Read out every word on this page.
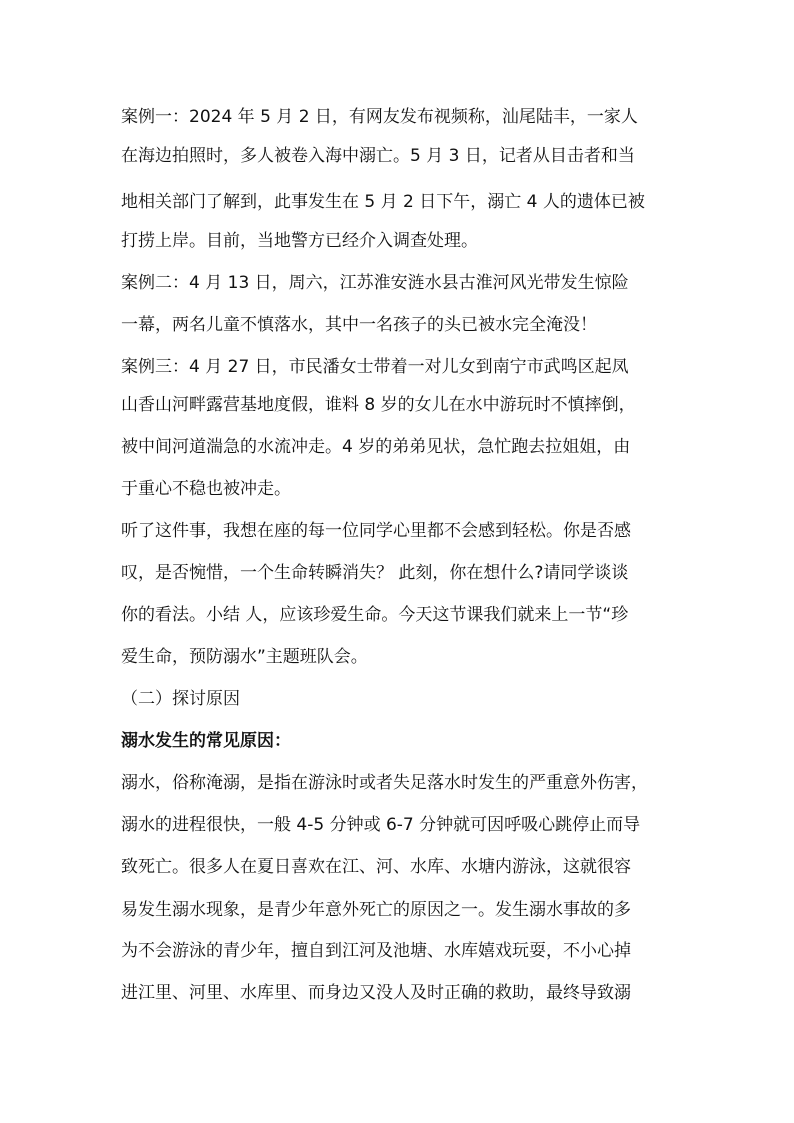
案例一：2024 年 5 月 2 日，有网友发布视频称，汕尾陆丰，一家人
在海边拍照时，多人被卷入海中溺亡。5 月 3 日，记者从目击者和当
地相关部门了解到，此事发生在 5 月 2 日下午，溺亡 4 人的遗体已被
打捞上岸。目前，当地警方已经介入调查处理。
案例二：4 月 13 日，周六，江苏淮安涟水县古淮河风光带发生惊险
一幕，两名儿童不慎落水，其中一名孩子的头已被水完全淹没！
案例三：4 月 27 日，市民潘女士带着一对儿女到南宁市武鸣区起凤
山香山河畔露营基地度假，谁料 8 岁的女儿在水中游玩时不慎摔倒，
被中间河道湍急的水流冲走。4 岁的弟弟见状，急忙跑去拉姐姐，由
于重心不稳也被冲走。
听了这件事，我想在座的每一位同学心里都不会感到轻松。你是否感
叹，是否惋惜，一个生命转瞬消失？ 此刻，你在想什么?请同学谈谈
你的看法。小结 人，应该珍爱生命。今天这节课我们就来上一节“珍
爱生命，预防溺水”主题班队会。
（二）探讨原因
溺水发生的常见原因：
溺水，俗称淹溺，是指在游泳时或者失足落水时发生的严重意外伤害，
溺水的进程很快，一般 4-5 分钟或 6-7 分钟就可因呼吸心跳停止而导
致死亡。很多人在夏日喜欢在江、河、水库、水塘内游泳，这就很容
易发生溺水现象，是青少年意外死亡的原因之一。发生溺水事故的多
为不会游泳的青少年，擅自到江河及池塘、水库嬉戏玩耍，不小心掉
进江里、河里、水库里、而身边又没人及时正确的救助，最终导致溺
